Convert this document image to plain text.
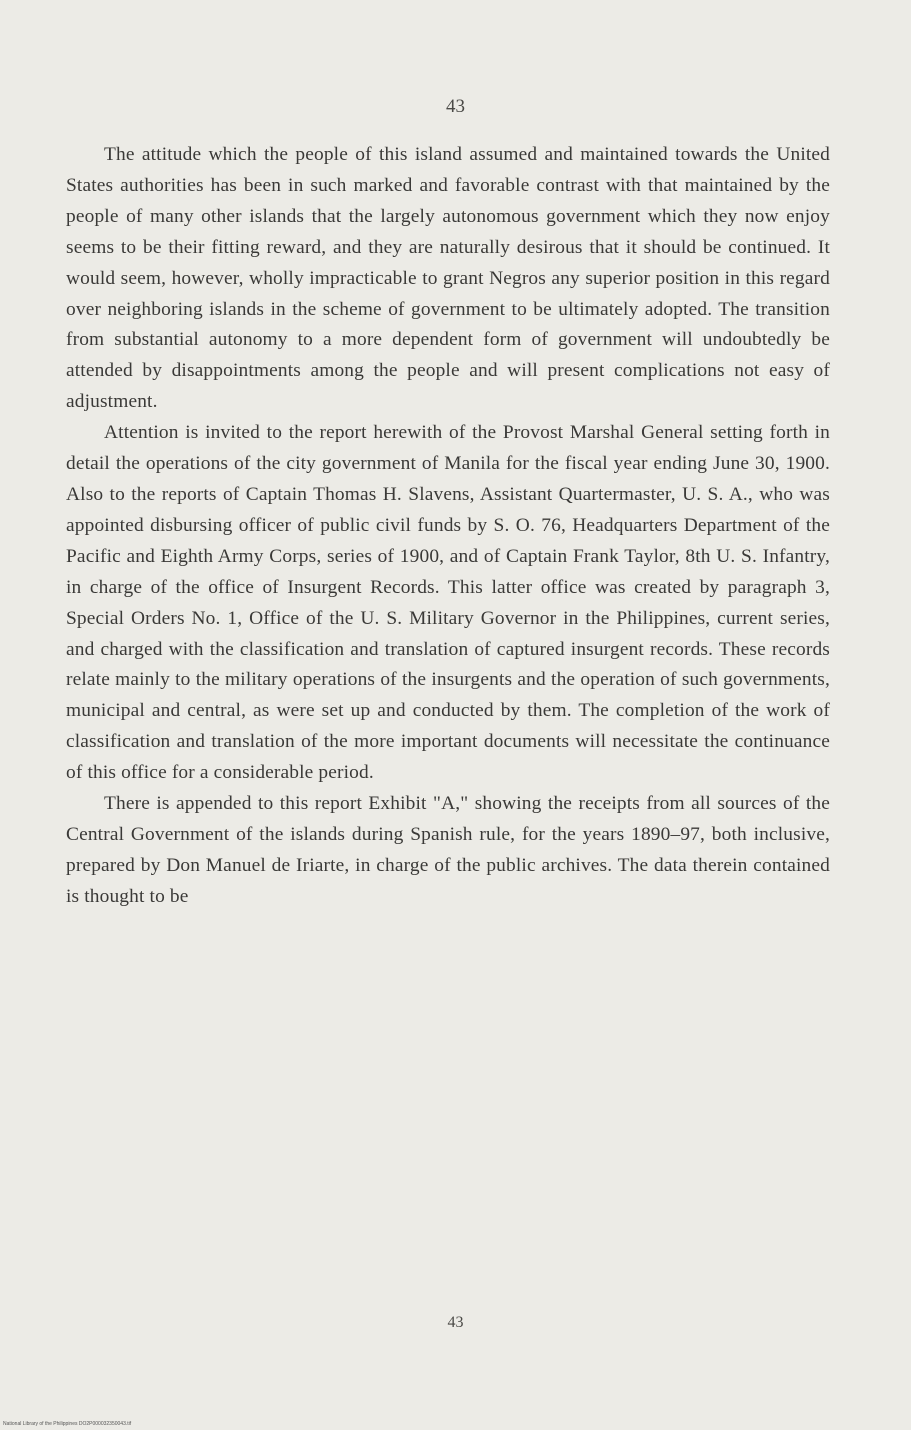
43

The attitude which the people of this island assumed and maintained towards the United States authorities has been in such marked and favorable contrast with that maintained by the people of many other islands that the largely autonomous government which they now enjoy seems to be their fitting reward, and they are naturally desirous that it should be continued. It would seem, however, wholly impracticable to grant Negros any superior position in this regard over neighboring islands in the scheme of government to be ultimately adopted. The transition from substantial autonomy to a more dependent form of government will undoubtedly be attended by disappointments among the people and will present complications not easy of adjustment.

Attention is invited to the report herewith of the Provost Marshal General setting forth in detail the operations of the city government of Manila for the fiscal year ending June 30, 1900. Also to the reports of Captain Thomas H. Slavens, Assistant Quartermaster, U. S. A., who was appointed disbursing officer of public civil funds by S. O. 76, Headquarters Department of the Pacific and Eighth Army Corps, series of 1900, and of Captain Frank Taylor, 8th U. S. Infantry, in charge of the office of Insurgent Records. This latter office was created by paragraph 3, Special Orders No. 1, Office of the U. S. Military Governor in the Philippines, current series, and charged with the classification and translation of captured insurgent records. These records relate mainly to the military operations of the insurgents and the operation of such governments, municipal and central, as were set up and conducted by them. The completion of the work of classification and translation of the more important documents will necessitate the continuance of this office for a considerable period.

There is appended to this report Exhibit "A," showing the receipts from all sources of the Central Government of the islands during Spanish rule, for the years 1890–97, both inclusive, prepared by Don Manuel de Iriarte, in charge of the public archives. The data therein contained is thought to be

43
National Library of the Philippines DO2P000032350043.tif
